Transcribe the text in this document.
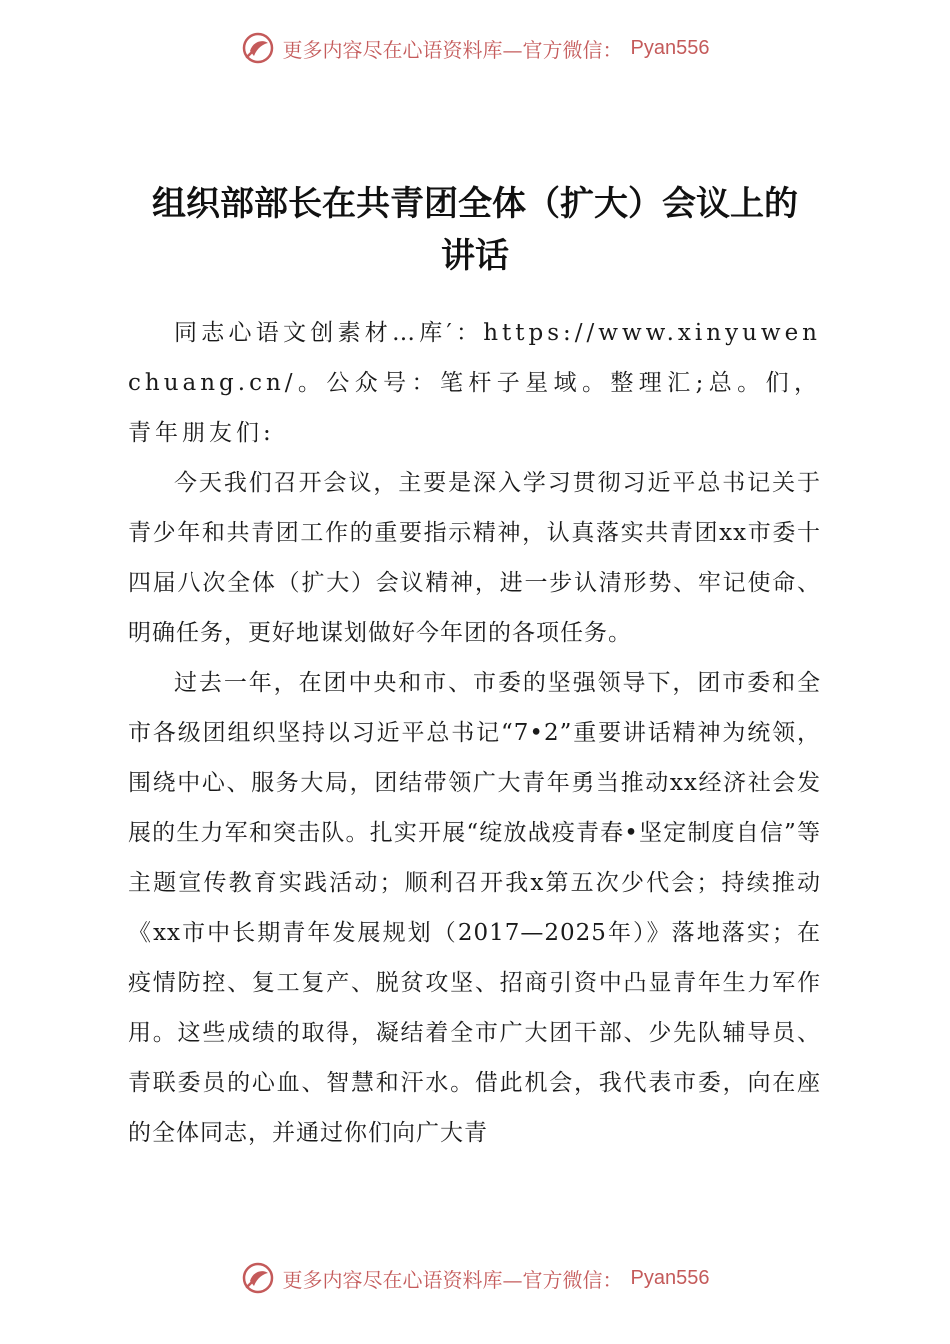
更多内容尽在心语资料库—官方微信： Pyan556
组织部部长在共青团全体（扩大）会议上的
讲话

同志心语文创素材…库′：https://www.xinyuwenchuang.cn/。公众号：笔杆子星域。整理汇;总。们，青年朋友们:

今天我们召开会议，主要是深入学习贯彻习近平总书记关于青少年和共青团工作的重要指示精神，认真落实共青团xx市委十四届八次全体（扩大）会议精神，进一步认清形势、牢记使命、明确任务，更好地谋划做好今年团的各项任务。

过去一年，在团中央和市、市委的坚强领导下，团市委和全市各级团组织坚持以习近平总书记“7•2”重要讲话精神为统领，围绕中心、服务大局，团结带领广大青年勇当推动xx经济社会发展的生力军和突击队。扎实开展“绽放战疫青春•坚定制度自信”等主题宣传教育实践活动；顺利召开我x第五次少代会；持续推动《xx市中长期青年发展规划（2017—2025年）》落地落实；在疫情防控、复工复产、脱贫攻坚、招商引资中凸显青年生力军作用。这些成绩的取得，凝结着全市广大团干部、少先队辅导员、青联委员的心血、智慧和汗水。借此机会，我代表市委，向在座的全体同志，并通过你们向广大青

更多内容尽在心语资料库—官方微信： Pyan556
